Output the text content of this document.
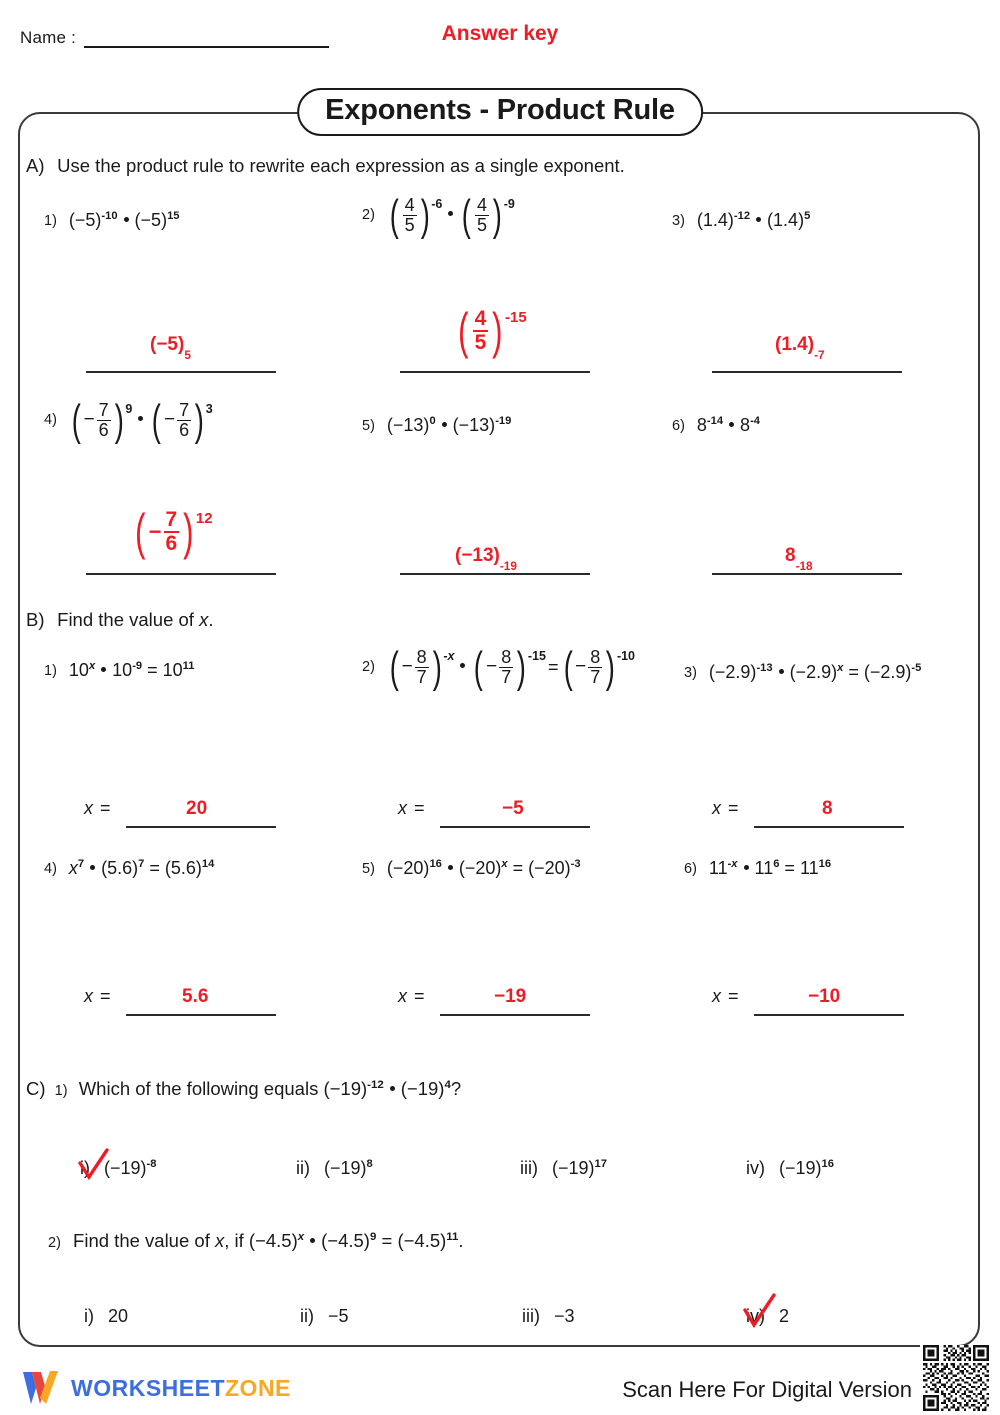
Name :	Answer key
Exponents - Product Rule
A) Use the product rule to rewrite each expression as a single exponent.
1) $(-5)^{-10}$ $(-5)^{15}$
(−5)
5
2) ( $\frac{4}{5}$ ) -6 ( $\frac{4}{5}$ ) -9
( $\frac{4}{5}$ ) -15
3) $(1.4)^{-12}$ $(1.4)^5$
(1.4)
-7
4) ( − $\frac{7}{6}$ ) 9 ( − $\frac{7}{6}$ ) 3
( − $\frac{7}{6}$ ) 12
5) $(-13)^0$ $(-13)^{-19}$
(−13)
-19
6) $8^{-14}$ $8^{-4}$
8
-18
B) Find the value of x.
1) 10$^x$ $10^{-9} = 10^{11}$
x =	20
2) ( − $\frac{8}{7}$ ) -x ( − $\frac{8}{7}$ ) -15
= ( − $\frac{8}{7}$ ) -10
x =	−5
3) $(-2.9)^{-13}$ $(-2.9)^x = (-2.9)^{-5}$
x =	8
4) $x^7$ $(5.6)^7 = (5.6)^{14}$
x =	5.6
5) $(-20)^{16}$ $(-20)^x = (-20)^{-3}$
x =	−19
6) $11^{-x}$ $11^6 = 11^{16}$
x =	−10
C) 1) Which of the following equals $(-19)^{-12}$ $(-19)^4$?
i) $(-19)^{-8}$	ii) $(-19)^8$	iii) $(-19)^{17}$	iv) $(-19)^{16}$
2) Find the value of x, if $(-4.5)^x$ $(-4.5)^9 = (-4.5)^{11}$.
i) 20	ii) −5	iii) −3	iv) 2
WORKSHEETZONE	Scan Here For Digital Version
